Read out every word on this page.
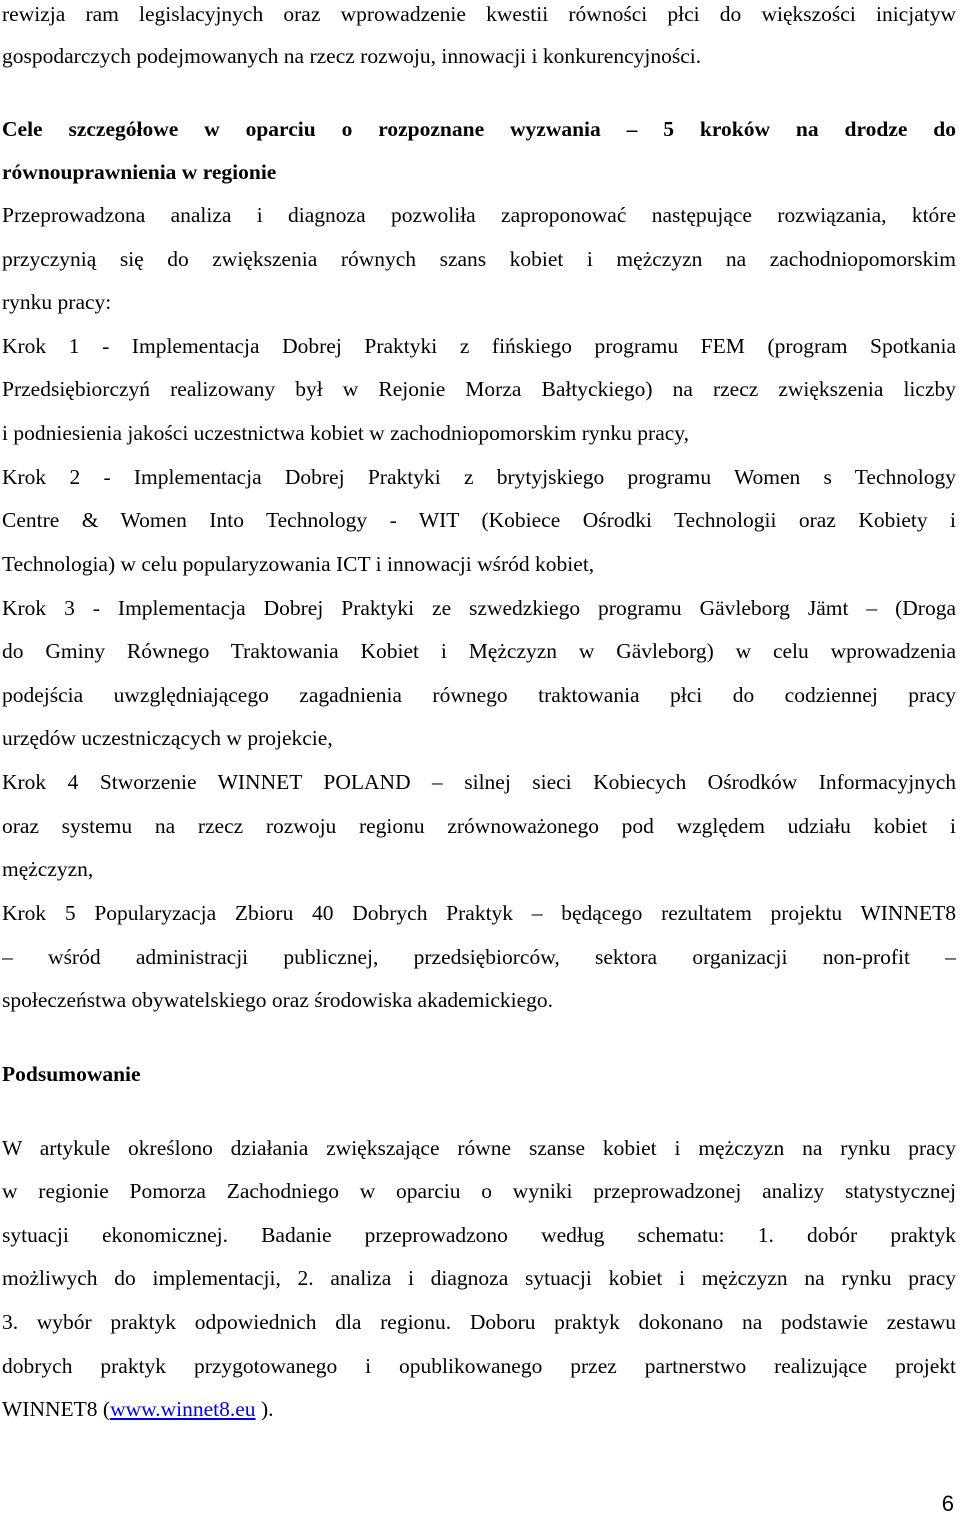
rewizja ram legislacyjnych oraz wprowadzenie kwestii równości płci do większości inicjatyw
gospodarczych podejmowanych na rzecz rozwoju, innowacji i konkurencyjności.
Cele szczegółowe w oparciu o rozpoznane wyzwania – 5 kroków na drodze do
równouprawnienia w regionie
Przeprowadzona analiza i diagnoza pozwoliła zaproponować następujące rozwiązania, które
przyczynią się do zwiększenia równych szans kobiet i mężczyzn na zachodniopomorskim
rynku pracy:
Krok 1 - Implementacja Dobrej Praktyki z fińskiego programu FEM (program Spotkania
Przedsiębiorczyń realizowany był w Rejonie Morza Bałtyckiego) na rzecz zwiększenia liczby
i podniesienia jakości uczestnictwa kobiet w zachodniopomorskim rynku pracy,
Krok 2 - Implementacja Dobrej Praktyki z brytyjskiego programu Women s Technology
Centre & Women Into Technology - WIT (Kobiece Ośrodki Technologii oraz Kobiety i
Technologia) w celu popularyzowania ICT i innowacji wśród kobiet,
Krok 3 - Implementacja Dobrej Praktyki ze szwedzkiego programu Gävleborg Jämt – (Droga
do Gminy Równego Traktowania Kobiet i Mężczyzn w Gävleborg) w celu wprowadzenia
podejścia uwzględniającego zagadnienia równego traktowania płci do codziennej pracy
urzędów uczestniczących w projekcie,
Krok 4 Stworzenie WINNET POLAND – silnej sieci Kobiecych Ośrodków Informacyjnych
oraz systemu na rzecz rozwoju regionu zrównoważonego pod względem udziału kobiet i
mężczyzn,
Krok 5 Popularyzacja Zbioru 40 Dobrych Praktyk – będącego rezultatem projektu WINNET8
– wśród administracji publicznej, przedsiębiorców, sektora organizacji non-profit –
społeczeństwa obywatelskiego oraz środowiska akademickiego.
Podsumowanie
W artykule określono działania zwiększające równe szanse kobiet i mężczyzn na rynku pracy
w regionie Pomorza Zachodniego w oparciu o wyniki przeprowadzonej analizy statystycznej
sytuacji ekonomicznej. Badanie przeprowadzono według schematu: 1. dobór praktyk
możliwych do implementacji, 2. analiza i diagnoza sytuacji kobiet i mężczyzn na rynku pracy
3. wybór praktyk odpowiednich dla regionu. Doboru praktyk dokonano na podstawie zestawu
dobrych praktyk przygotowanego i opublikowanego przez partnerstwo realizujące projekt
WINNET8 (www.winnet8.eu ).
6
